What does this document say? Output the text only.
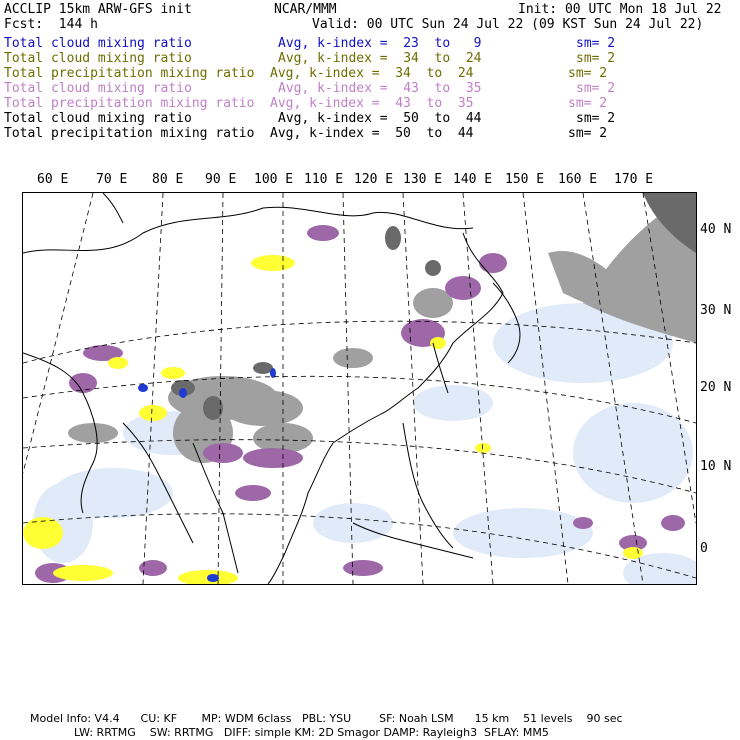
ACCLIP 15km ARW-GFS init	NCAR/MMM	Init: 00 UTC Mon 18 Jul 22
Fcst:  144 h	Valid: 00 UTC Sun 24 Jul 22 (09 KST Sun 24 Jul 22)
Total cloud mixing ratio	Avg, k-index =  23  to   9	sm= 2
Total cloud mixing ratio	Avg, k-index =  34  to  24	sm= 2
Total precipitation mixing ratio Avg, k-index =  34  to  24	sm= 2
Total cloud mixing ratio	Avg, k-index =  43  to  35	sm= 2
Total precipitation mixing ratio Avg, k-index =  43  to  35	sm= 2
Total cloud mixing ratio	Avg, k-index =  50  to  44	sm= 2
Total precipitation mixing ratio Avg, k-index =  50  to  44	sm= 2
60 E 70 E 80 E 90 E 100 E 110 E 120 E 130 E 140 E 150 E 160 E 170 E
40 N
30 N
20 N
10 N
0
Model Info: V4.4      CU: KF       MP: WDM 6class   PBL: YSU        SF: Noah LSM      15 km    51 levels    90 sec
LW: RRTMG    SW: RRTMG   DIFF: simple KM: 2D Smagor DAMP: Rayleigh3  SFLAY: MM5
